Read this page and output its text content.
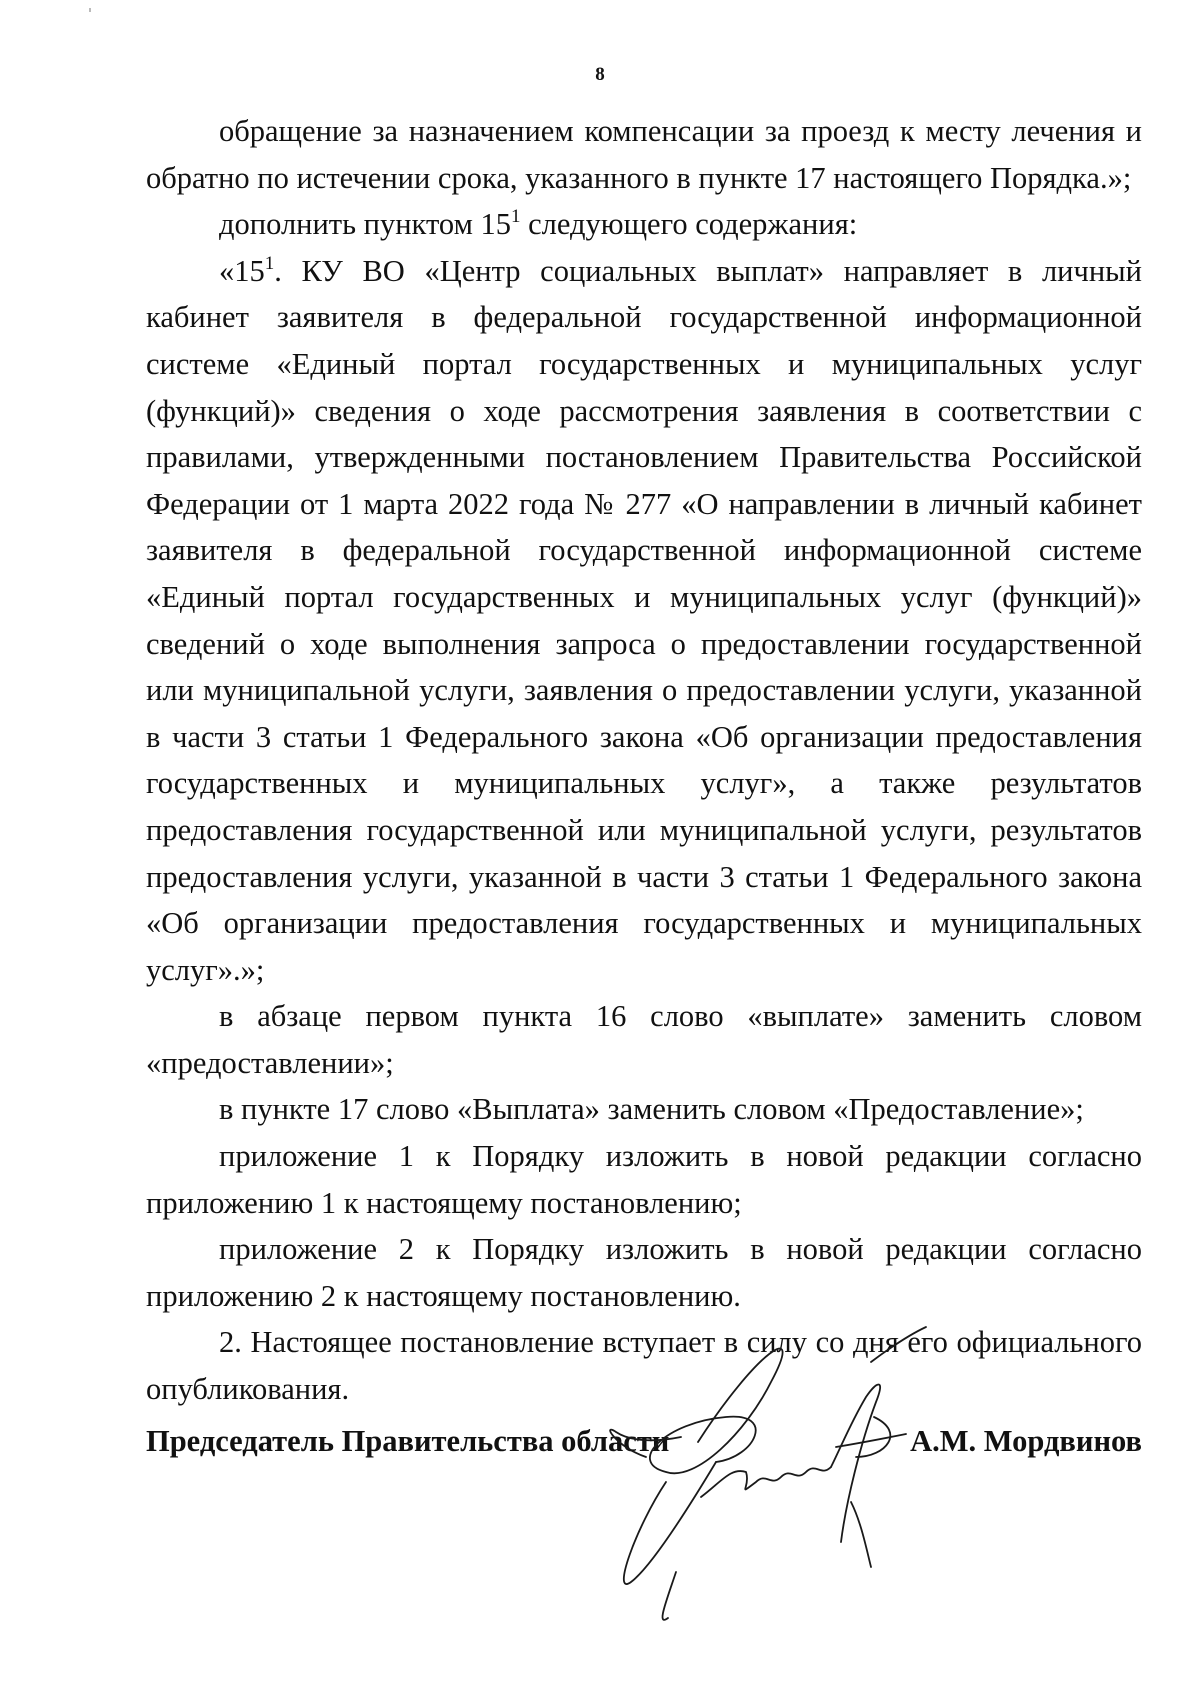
8

обращение за назначением компенсации за проезд к месту лечения и обратно по истечении срока, указанного в пункте 17 настоящего Порядка.»;

дополнить пунктом $15^1$ следующего содержания:

«$15^1$. КУ ВО «Центр социальных выплат» направляет в личный кабинет заявителя в федеральной государственной информационной системе «Единый портал государственных и муниципальных услуг (функций)» сведения о ходе рассмотрения заявления в соответствии с правилами, утвержденными постановлением Правительства Российской Федерации от 1 марта 2022 года № 277 «О направлении в личный кабинет заявителя в федеральной государственной информационной системе «Единый портал государственных и муниципальных услуг (функций)» сведений о ходе выполнения запроса о предоставлении государственной или муниципальной услуги, заявления о предоставлении услуги, указанной в части 3 статьи 1 Федерального закона «Об организации предоставления государственных и муниципальных услуг», а также результатов предоставления государственной или муниципальной услуги, результатов предоставления услуги, указанной в части 3 статьи 1 Федерального закона «Об организации предоставления государственных и муниципальных услуг».»;

в абзаце первом пункта 16 слово «выплате» заменить словом «предоставлении»;

в пункте 17 слово «Выплата» заменить словом «Предоставление»;

приложение 1 к Порядку изложить в новой редакции согласно приложению 1 к настоящему постановлению;

приложение 2 к Порядку изложить в новой редакции согласно приложению 2 к настоящему постановлению.

2. Настоящее постановление вступает в силу со дня его официального опубликования.

Председатель Правительства области	А.М. Мордвинов
